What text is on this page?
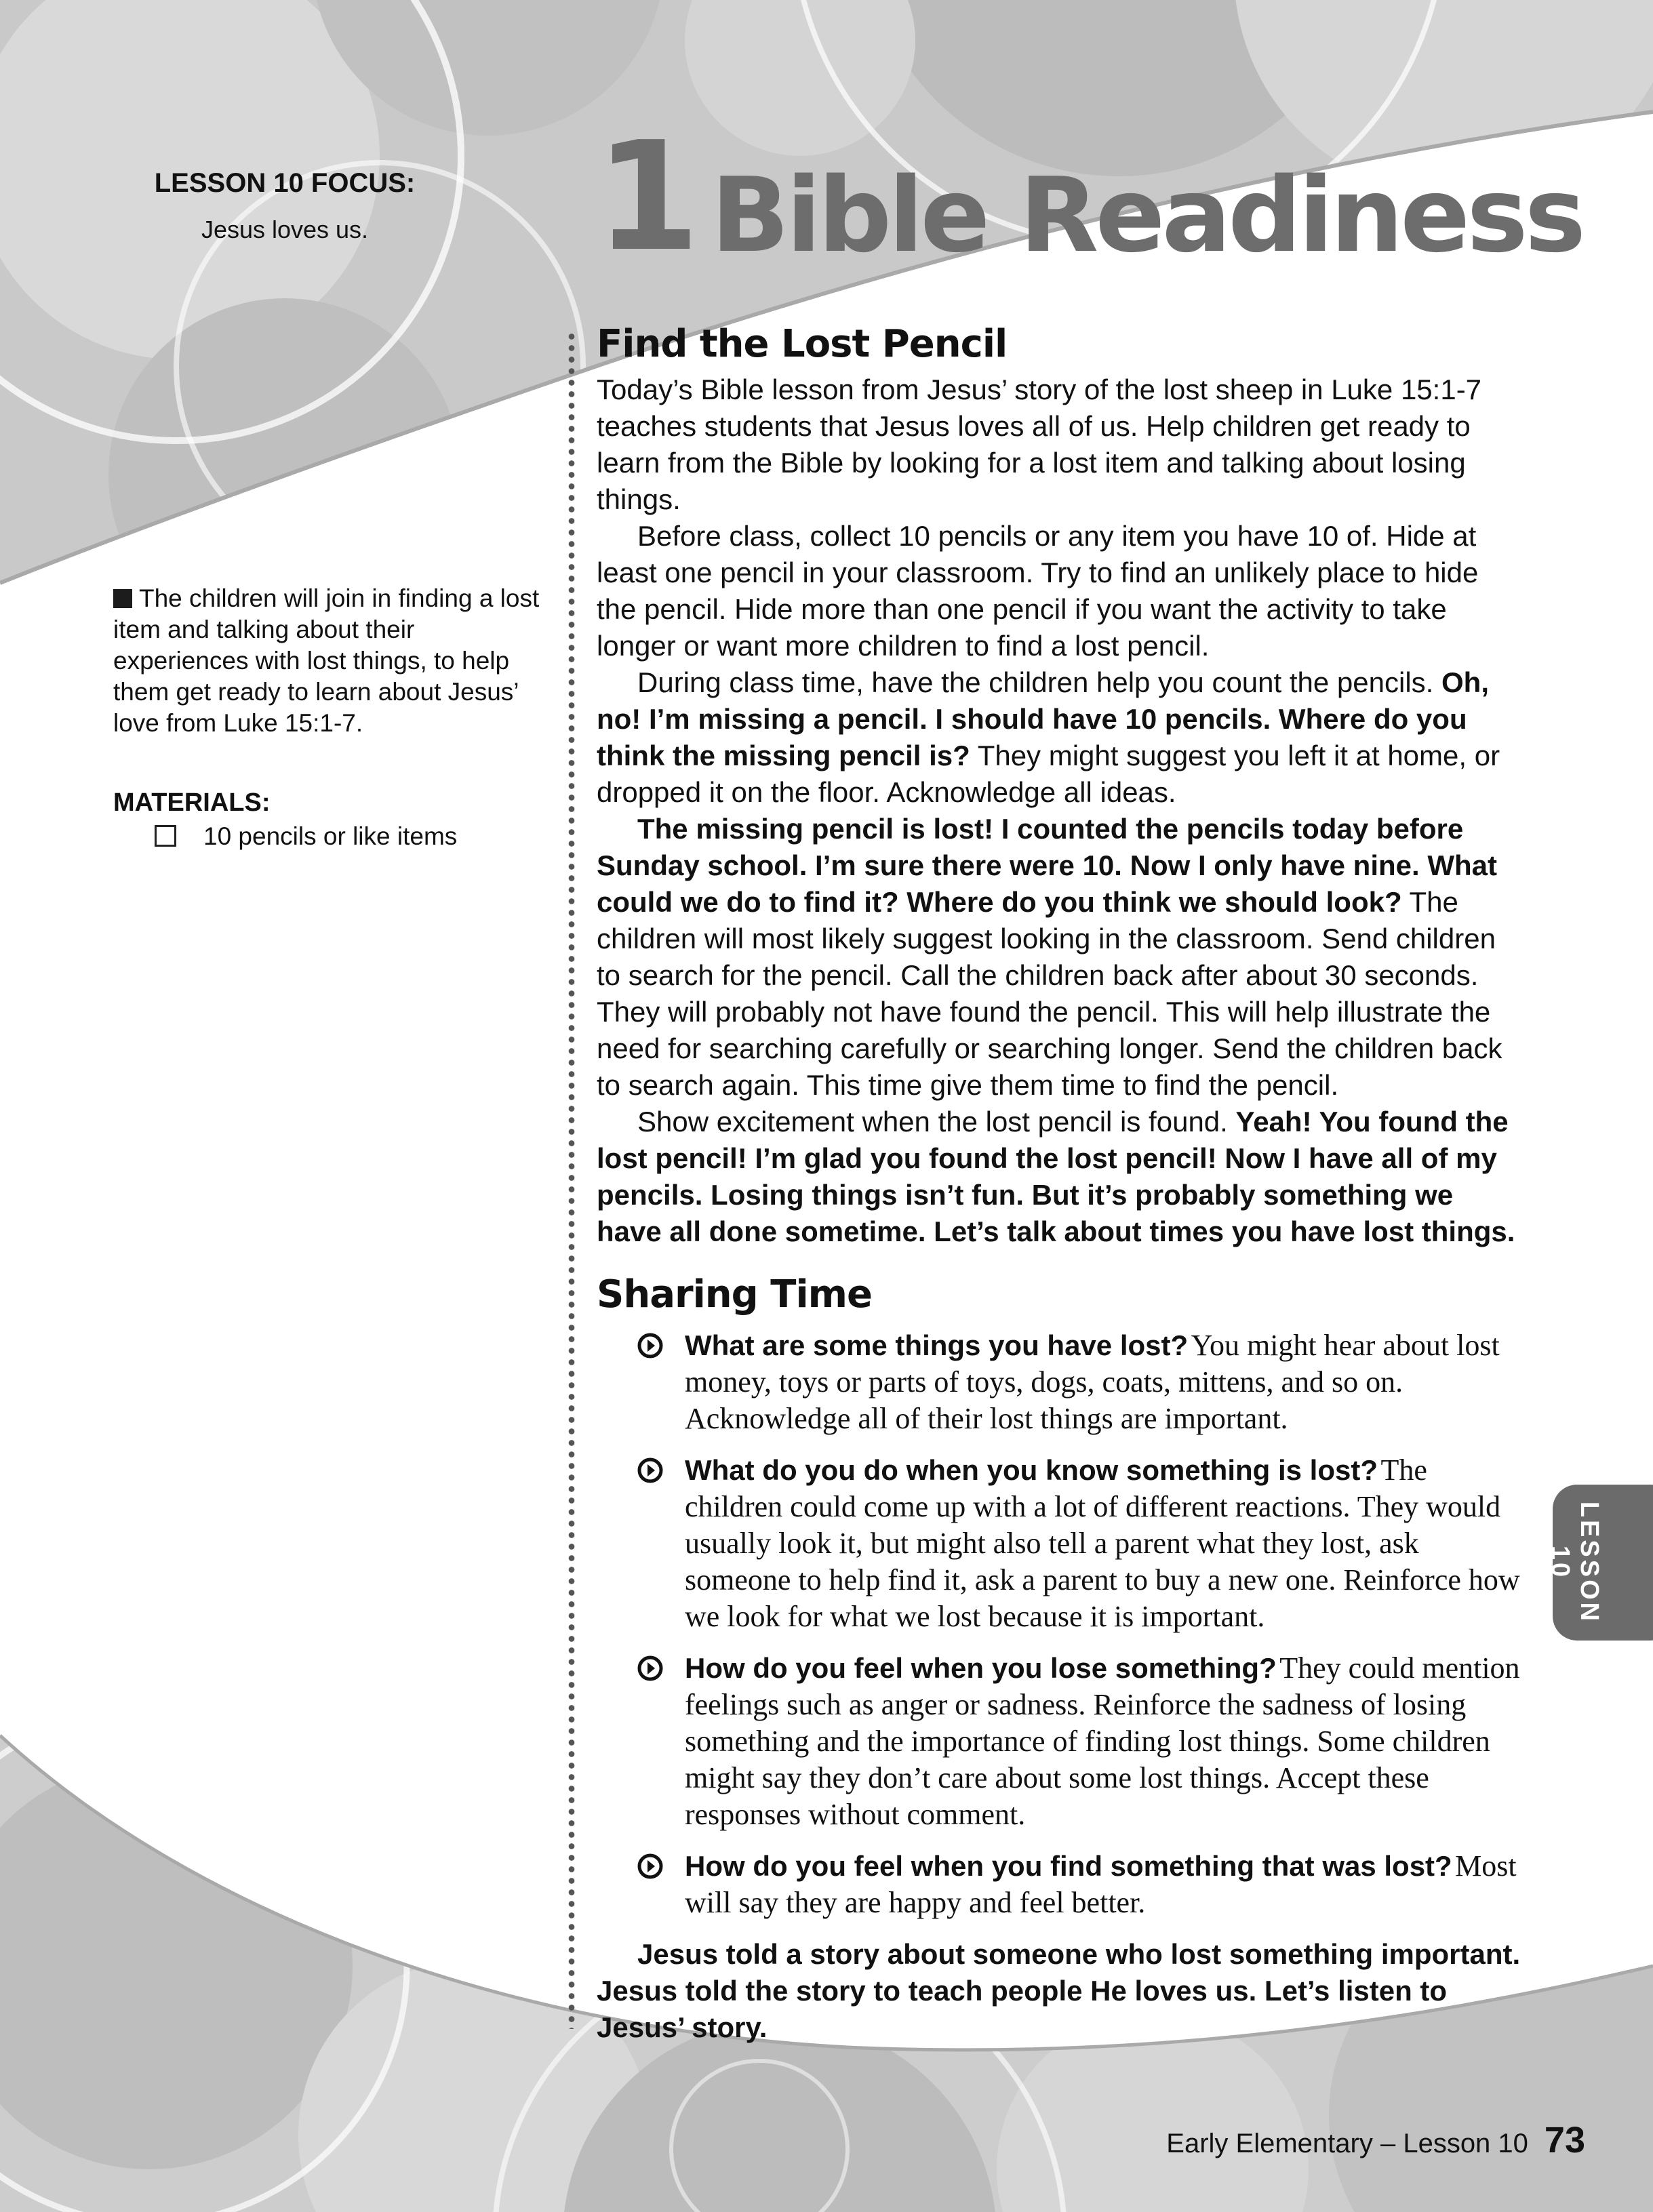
LESSON 10 FOCUS:
Jesus loves us.	1 Bible Readiness
The children will join in finding a lost item and talking about their experiences with lost things, to help them get ready to learn about Jesus’ love from Luke 15:1-7.
MATERIALS:
10 pencils or like items
Find the Lost Pencil
Today’s Bible lesson from Jesus’ story of the lost sheep in Luke 15:1-7 teaches students that Jesus loves all of us. Help children get ready to learn from the Bible by looking for a lost item and talking about losing things.
Before class, collect 10 pencils or any item you have 10 of. Hide at least one pencil in your classroom. Try to find an unlikely place to hide the pencil. Hide more than one pencil if you want the activity to take longer or want more children to find a lost pencil.
During class time, have the children help you count the pencils. Oh, no! I’m missing a pencil. I should have 10 pencils. Where do you think the missing pencil is? They might suggest you left it at home, or dropped it on the floor. Acknowledge all ideas.
The missing pencil is lost! I counted the pencils today before Sunday school. I’m sure there were 10. Now I only have nine. What could we do to find it? Where do you think we should look? The children will most likely suggest looking in the classroom. Send children to search for the pencil. Call the children back after about 30 seconds. They will probably not have found the pencil. This will help illustrate the need for searching carefully or searching longer. Send the children back to search again. This time give them time to find the pencil.
Show excitement when the lost pencil is found. Yeah! You found the lost pencil! I’m glad you found the lost pencil! Now I have all of my pencils. Losing things isn’t fun. But it’s probably something we have all done sometime. Let’s talk about times you have lost things.
Sharing Time
What are some things you have lost? You might hear about lost money, toys or parts of toys, dogs, coats, mittens, and so on. Acknowledge all of their lost things are important.
What do you do when you know something is lost? The children could come up with a lot of different reactions. They would usually look it, but might also tell a parent what they lost, ask someone to help find it, ask a parent to buy a new one. Reinforce how we look for what we lost because it is important.
How do you feel when you lose something? They could mention feelings such as anger or sadness. Reinforce the sadness of losing something and the importance of finding lost things. Some children might say they don’t care about some lost things. Accept these responses without comment.
How do you feel when you find something that was lost? Most will say they are happy and feel better.
Jesus told a story about someone who lost something important. Jesus told the story to teach people He loves us. Let’s listen to Jesus’ story.
LESSON 10
Early Elementary – Lesson 10 73
